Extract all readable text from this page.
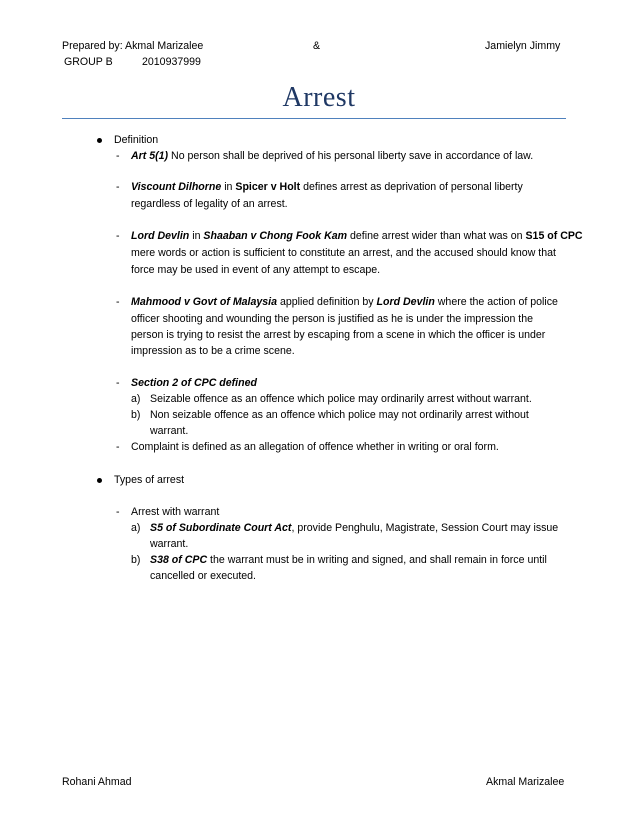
Prepared by: Akmal Marizalee	&	Jamielyn Jimmy
GROUP B	2010937999
Arrest
Definition
- Art 5(1) No person shall be deprived of his personal liberty save in accordance of law.
- Viscount Dilhorne in Spicer v Holt defines arrest as deprivation of personal liberty
regardless of legality of an arrest.
- Lord Devlin in Shaaban v Chong Fook Kam define arrest wider than what was on S15 of CPC
mere words or action is sufficient to constitute an arrest, and the accused should know that
force may be used in event of any attempt to escape.
- Mahmood v Govt of Malaysia applied definition by Lord Devlin where the action of police
officer shooting and wounding the person is justified as he is under the impression the
person is trying to resist the arrest by escaping from a scene in which the officer is under
impression as to be a crime scene.
- Section 2 of CPC defined
a) Seizable offence as an offence which police may ordinarily arrest without warrant.
b) Non seizable offence as an offence which police may not ordinarily arrest without
warrant.
- Complaint is defined as an allegation of offence whether in writing or oral form.
Types of arrest
- Arrest with warrant
a) S5 of Subordinate Court Act, provide Penghulu, Magistrate, Session Court may issue
warrant.
b) S38 of CPC the warrant must be in writing and signed, and shall remain in force until
cancelled or executed.
Rohani Ahmad	Akmal Marizalee
